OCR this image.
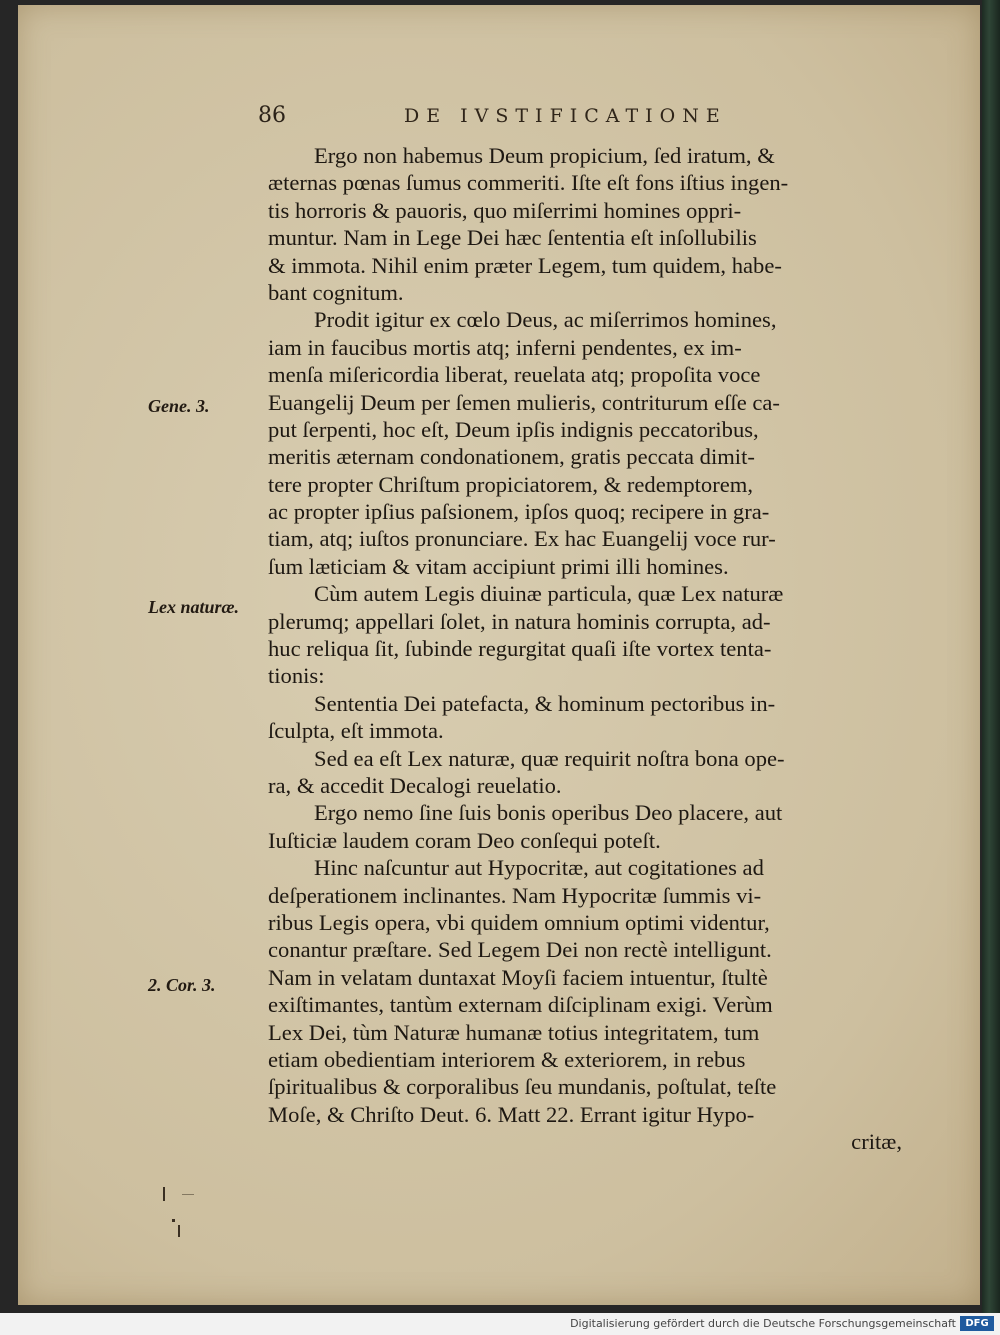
86	DE IVSTIFICATIONE
Ergo non habemus Deum propicium, ſed iratum, &
æternas pœnas ſumus commeriti. Iſte eſt fons iſtius ingen-
tis horroris & pauoris, quo miſerrimi homines oppri-
muntur. Nam in Lege Dei hæc ſententia eſt inſollubilis
& immota. Nihil enim præter Legem, tum quidem, habe-
bant cognitum.
Prodit igitur ex cœlo Deus, ac miſerrimos homines,
iam in faucibus mortis atq; inferni pendentes, ex im-
menſa miſericordia liberat, reuelata atq; propoſita voce
Euangelij Deum per ſemen mulieris, contriturum eſſe ca-
put ſerpenti, hoc eſt, Deum ipſis indignis peccatoribus,
meritis æternam condonationem, gratis peccata dimit-
tere propter Chriſtum propiciatorem, & redemptorem,
ac propter ipſius paſsionem, ipſos quoq; recipere in gra-
tiam, atq; iuſtos pronunciare. Ex hac Euangelij voce rur-
ſum læticiam & vitam accipiunt primi illi homines.
Cùm autem Legis diuinæ particula, quæ Lex naturæ
plerumq; appellari ſolet, in natura hominis corrupta, ad-
huc reliqua ſit, ſubinde regurgitat quaſi iſte vortex tenta-
tionis:
Sententia Dei patefacta, & hominum pectoribus in-
ſculpta, eſt immota.
Sed ea eſt Lex naturæ, quæ requirit noſtra bona ope-
ra, & accedit Decalogi reuelatio.
Ergo nemo ſine ſuis bonis operibus Deo placere, aut
Iuſticiæ laudem coram Deo conſequi poteſt.
Hinc naſcuntur aut Hypocritæ, aut cogitationes ad
deſperationem inclinantes. Nam Hypocritæ ſummis vi-
ribus Legis opera, vbi quidem omnium optimi videntur,
conantur præſtare. Sed Legem Dei non rectè intelligunt.
Nam in velatam duntaxat Moyſi faciem intuentur, ſtultè
exiſtimantes, tantùm externam diſciplinam exigi. Verùm
Lex Dei, tùm Naturæ humanæ totius integritatem, tum
etiam obedientiam interiorem & exteriorem, in rebus
ſpiritualibus & corporalibus ſeu mundanis, poſtulat, teſte
Moſe, & Chriſto Deut. 6. Matt 22. Errant igitur Hypo-
critæ,
Gene. 3.
Lex naturæ.
2. Cor. 3.
Digitalisierung gefördert durch die Deutsche Forschungsgemeinschaft DFG
